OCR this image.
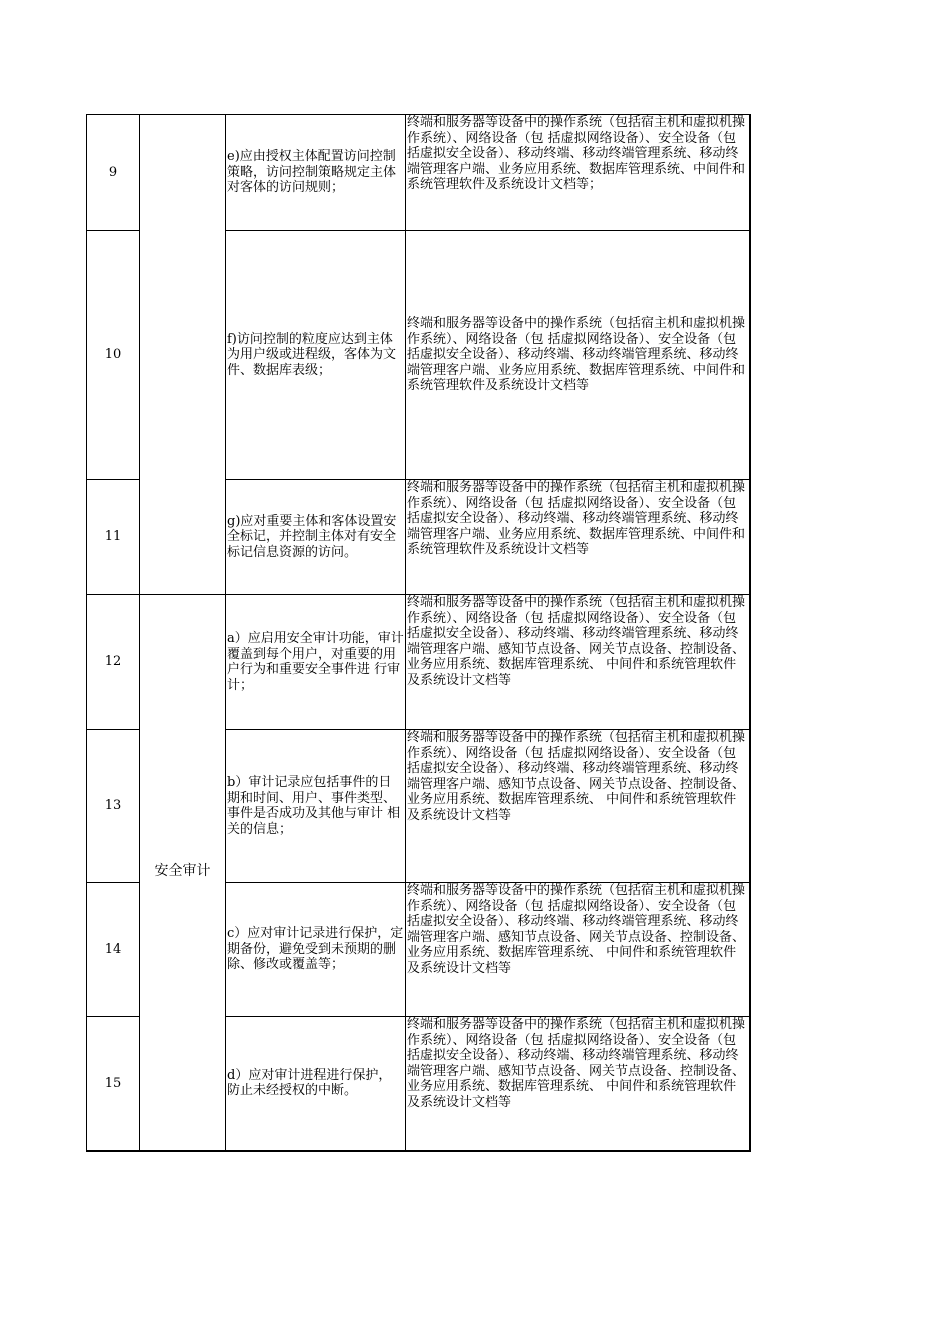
9		e)应由授权主体配置访问控制策略，访问控制策略规定主体对客体的访问规则；	终端和服务器等设备中的操作系统（包括宿主机和虚拟机操作系统）、网络设备（包 括虚拟网络设备）、安全设备（包括虚拟安全设备）、移动终端、移动终端管理系统、移动终 端管理客户端、业务应用系统、数据库管理系统、中间件和系统管理软件及系统设计文档等；
10		f)访问控制的粒度应达到主体为用户级或进程级，客体为文件、数据库表级；	终端和服务器等设备中的操作系统（包括宿主机和虚拟机操作系统）、网络设备（包 括虚拟网络设备）、安全设备（包括虚拟安全设备）、移动终端、移动终端管理系统、移动终 端管理客户端、业务应用系统、数据库管理系统、中间件和系统管理软件及系统设计文档等
11		g)应对重要主体和客体设置安全标记，并控制主体对有安全标记信息资源的访问。	终端和服务器等设备中的操作系统（包括宿主机和虚拟机操作系统）、网络设备（包 括虚拟网络设备）、安全设备（包括虚拟安全设备）、移动终端、移动终端管理系统、移动终 端管理客户端、业务应用系统、数据库管理系统、中间件和系统管理软件及系统设计文档等
12	安全审计	a）应启用安全审计功能，审计覆盖到每个用户，对重要的用户行为和重要安全事件进 行审计；	终端和服务器等设备中的操作系统（包括宿主机和虚拟机操作系统）、网络设备（包 括虚拟网络设备）、安全设备（包括虚拟安全设备）、移动终端、移动终端管理系统、移动终 端管理客户端、感知节点设备、网关节点设备、控制设备、业务应用系统、数据库管理系统、 中间件和系统管理软件及系统设计文档等
13		b）审计记录应包括事件的日期和时间、用户、事件类型、事件是否成功及其他与审计 相关的信息；	终端和服务器等设备中的操作系统（包括宿主机和虚拟机操作系统）、网络设备（包 括虚拟网络设备）、安全设备（包括虚拟安全设备）、移动终端、移动终端管理系统、移动终 端管理客户端、感知节点设备、网关节点设备、控制设备、业务应用系统、数据库管理系统、 中间件和系统管理软件及系统设计文档等
14		c）应对审计记录进行保护，定期备份，避免受到未预期的删除、修改或覆盖等；	终端和服务器等设备中的操作系统（包括宿主机和虚拟机操作系统）、网络设备（包 括虚拟网络设备）、安全设备（包括虚拟安全设备）、移动终端、移动终端管理系统、移动终 端管理客户端、感知节点设备、网关节点设备、控制设备、业务应用系统、数据库管理系统、 中间件和系统管理软件及系统设计文档等
15		d）应对审计进程进行保护，防止未经授权的中断。	终端和服务器等设备中的操作系统（包括宿主机和虚拟机操作系统）、网络设备（包 括虚拟网络设备）、安全设备（包括虚拟安全设备）、移动终端、移动终端管理系统、移动终 端管理客户端、感知节点设备、网关节点设备、控制设备、业务应用系统、数据库管理系统、 中间件和系统管理软件及系统设计文档等
